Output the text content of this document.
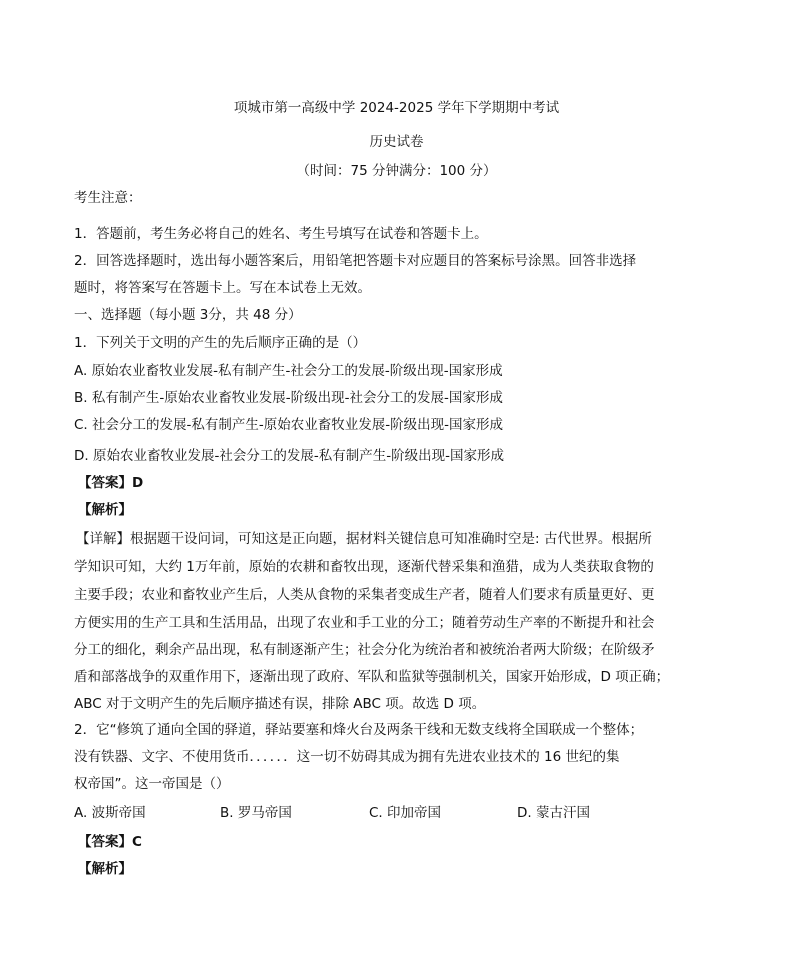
项城市第一高级中学 2024-2025 学年下学期期中考试
历史试卷
（时间：75 分钟满分：100 分）
考生注意：
1．答题前，考生务必将自己的姓名、考生号填写在试卷和答题卡上。
2．回答选择题时，选出每小题答案后，用铅笔把答题卡对应题目的答案标号涂黑。回答非选择
题时，将答案写在答题卡上。写在本试卷上无效。
一、选择题（每小题 3分，共 48 分）
1．下列关于文明的产生的先后顺序正确的是（）
A. 原始农业畜牧业发展-私有制产生-社会分工的发展-阶级出现-国家形成
B. 私有制产生-原始农业畜牧业发展-阶级出现-社会分工的发展-国家形成
C. 社会分工的发展-私有制产生-原始农业畜牧业发展-阶级出现-国家形成
D. 原始农业畜牧业发展-社会分工的发展-私有制产生-阶级出现-国家形成
【答案】D
【解析】
【详解】根据题干设问词，可知这是正向题，据材料关键信息可知准确时空是: 古代世界。根据所
学知识可知，大约 1万年前，原始的农耕和畜牧出现，逐渐代替采集和渔猎，成为人类获取食物的
主要手段；农业和畜牧业产生后，人类从食物的采集者变成生产者，随着人们要求有质量更好、更
方便实用的生产工具和生活用品，出现了农业和手工业的分工；随着劳动生产率的不断提升和社会
分工的细化，剩余产品出现，私有制逐渐产生；社会分化为统治者和被统治者两大阶级；在阶级矛
盾和部落战争的双重作用下，逐渐出现了政府、军队和监狱等强制机关，国家开始形成，D 项正确；
ABC 对于文明产生的先后顺序描述有误，排除 ABC 项。故选 D 项。
2．它“修筑了通向全国的驿道，驿站要塞和烽火台及两条干线和无数支线将全国联成一个整体；
没有铁器、文字、不使用货币．．．．．．这一切不妨碍其成为拥有先进农业技术的 16 世纪的集
权帝国”。这一帝国是（）
A. 波斯帝国	B. 罗马帝国	C. 印加帝国	D. 蒙古汗国
【答案】C
【解析】
